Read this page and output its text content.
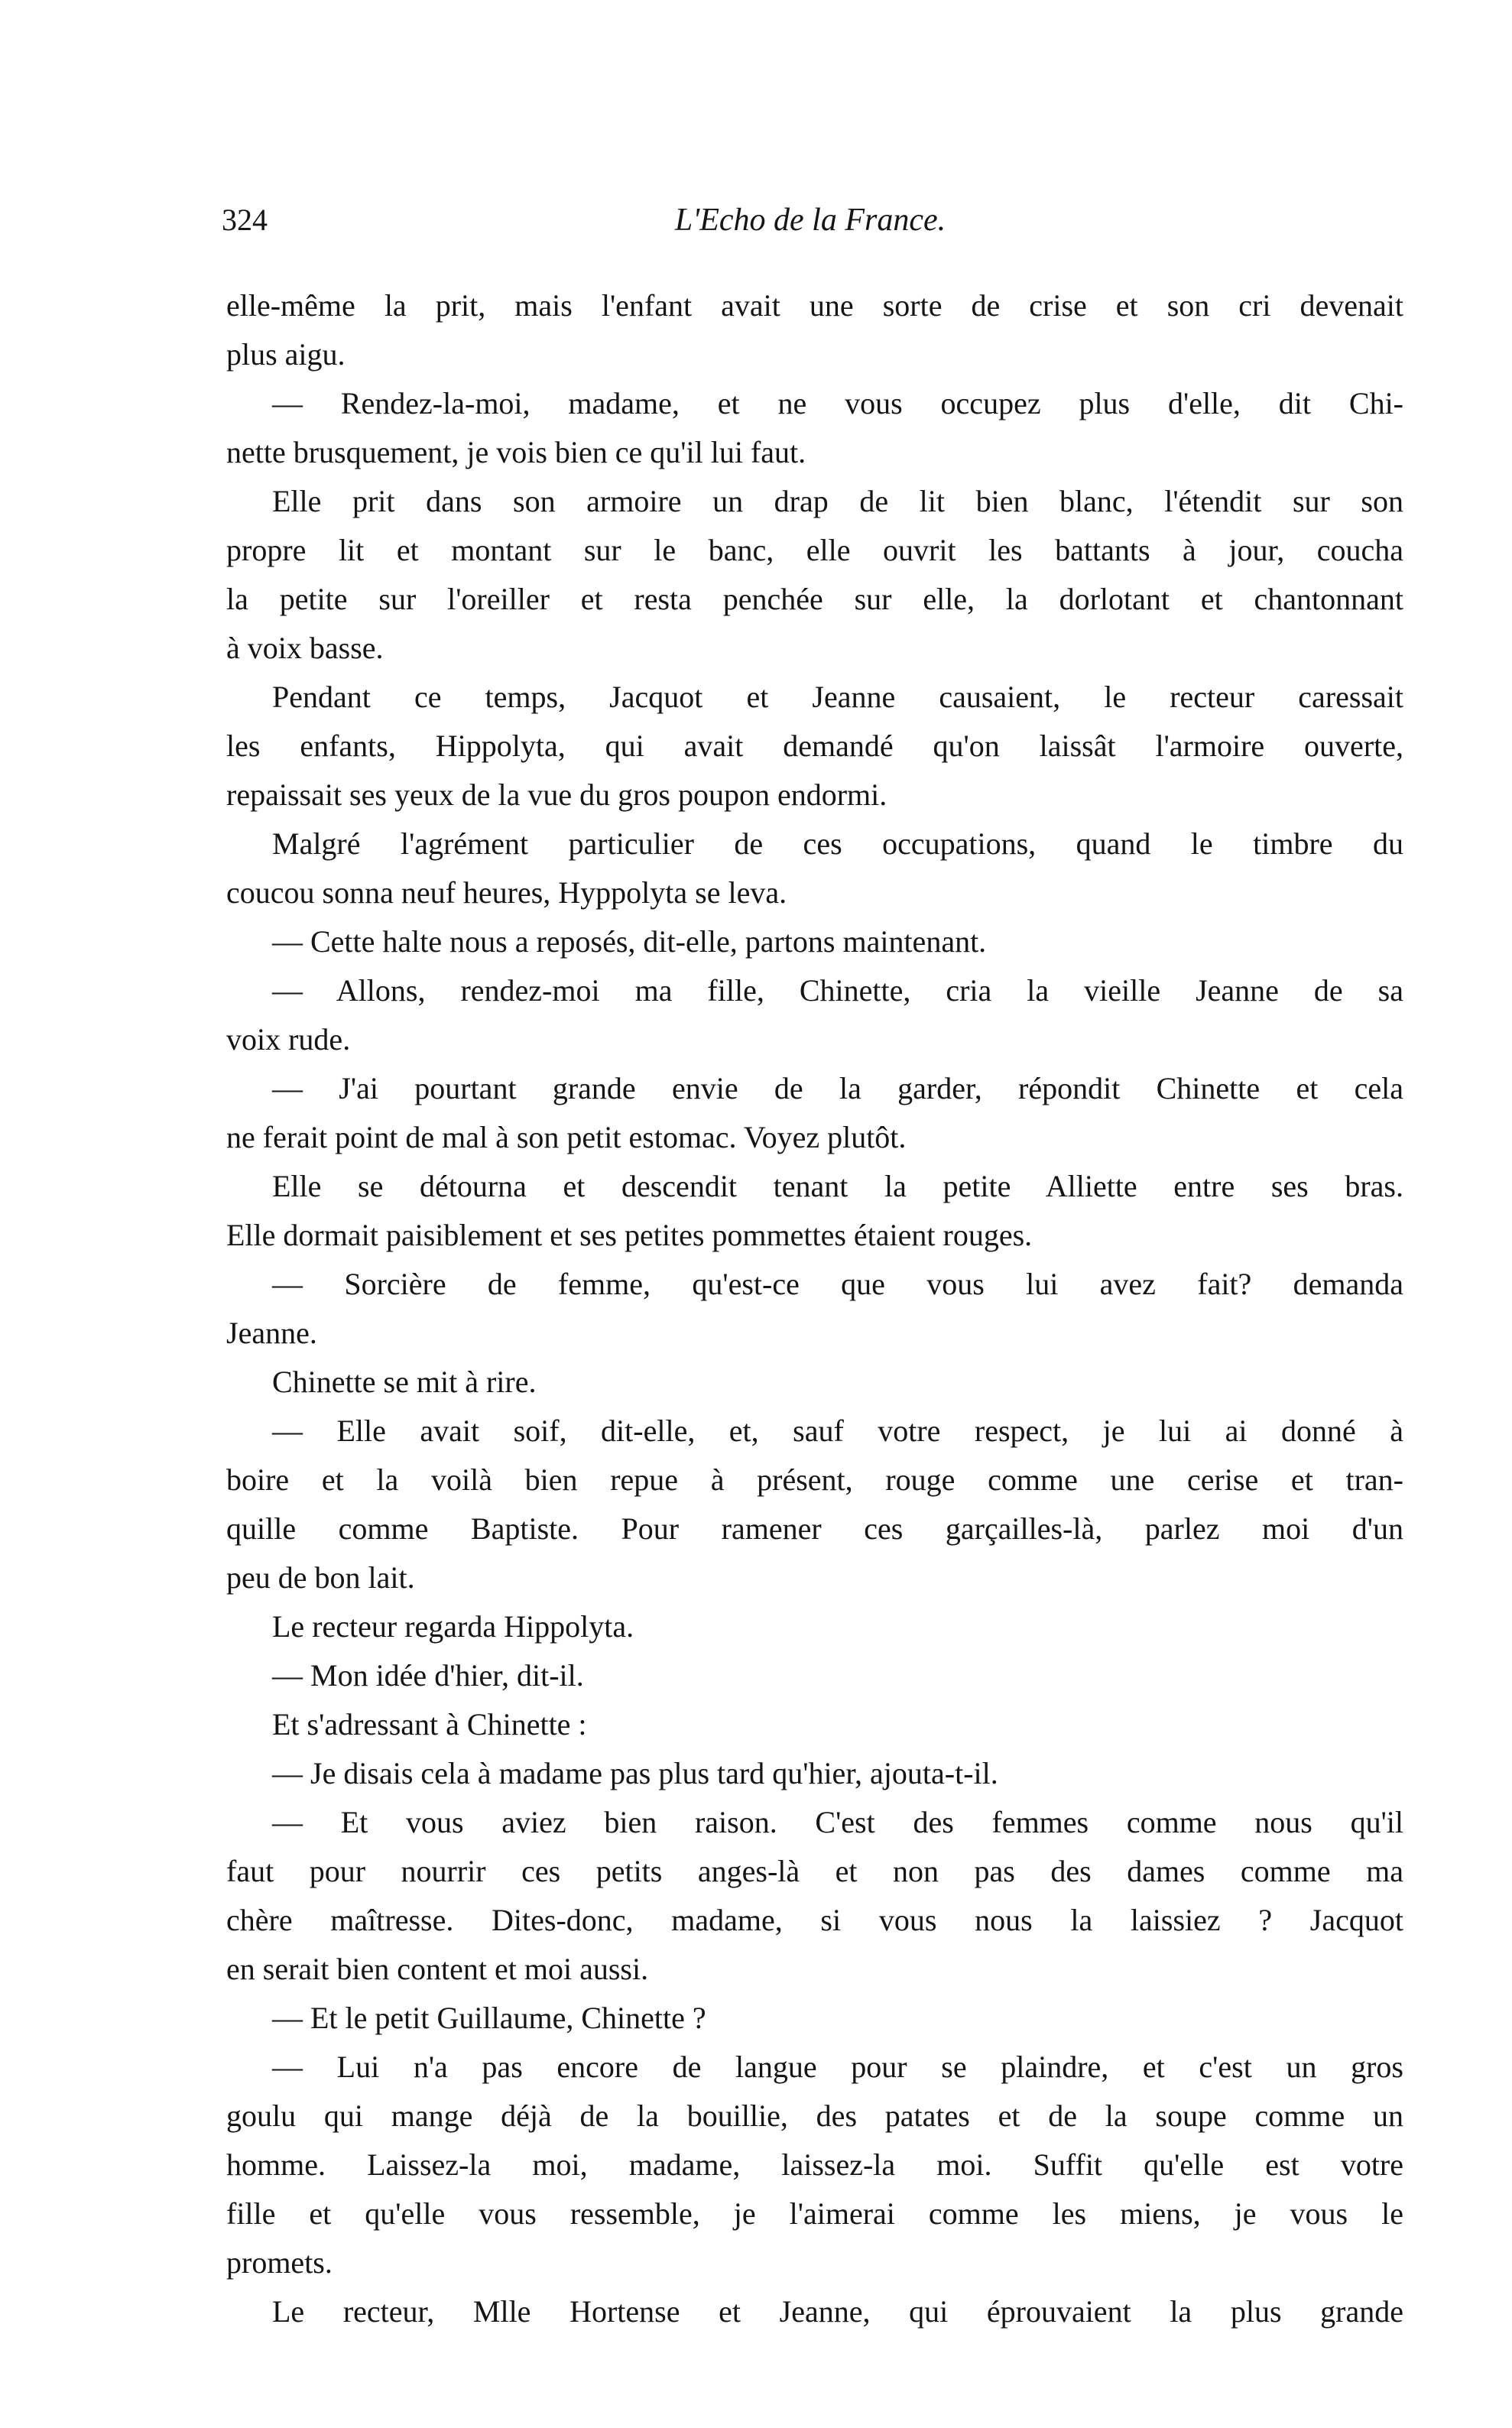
324	L'Echo de la France.
elle-même la prit, mais l'enfant avait une sorte de crise et son cri devenait
plus aigu.
— Rendez-la-moi, madame, et ne vous occupez plus d'elle, dit Chi-
nette brusquement, je vois bien ce qu'il lui faut.
Elle prit dans son armoire un drap de lit bien blanc, l'étendit sur son
propre lit et montant sur le banc, elle ouvrit les battants à jour, coucha
la petite sur l'oreiller et resta penchée sur elle, la dorlotant et chantonnant
à voix basse.
Pendant ce temps, Jacquot et Jeanne causaient, le recteur caressait
les enfants, Hippolyta, qui avait demandé qu'on laissât l'armoire ouverte,
repaissait ses yeux de la vue du gros poupon endormi.
Malgré l'agrément particulier de ces occupations, quand le timbre du
coucou sonna neuf heures, Hyppolyta se leva.
— Cette halte nous a reposés, dit-elle, partons maintenant.
— Allons, rendez-moi ma fille, Chinette, cria la vieille Jeanne de sa
voix rude.
— J'ai pourtant grande envie de la garder, répondit Chinette et cela
ne ferait point de mal à son petit estomac. Voyez plutôt.
Elle se détourna et descendit tenant la petite Alliette entre ses bras.
Elle dormait paisiblement et ses petites pommettes étaient rouges.
— Sorcière de femme, qu'est-ce que vous lui avez fait? demanda
Jeanne.
Chinette se mit à rire.
— Elle avait soif, dit-elle, et, sauf votre respect, je lui ai donné à
boire et la voilà bien repue à présent, rouge comme une cerise et tran-
quille comme Baptiste. Pour ramener ces garçailles-là, parlez moi d'un
peu de bon lait.
Le recteur regarda Hippolyta.
— Mon idée d'hier, dit-il.
Et s'adressant à Chinette :
— Je disais cela à madame pas plus tard qu'hier, ajouta-t-il.
— Et vous aviez bien raison. C'est des femmes comme nous qu'il
faut pour nourrir ces petits anges-là et non pas des dames comme ma
chère maîtresse. Dites-donc, madame, si vous nous la laissiez ? Jacquot
en serait bien content et moi aussi.
— Et le petit Guillaume, Chinette ?
— Lui n'a pas encore de langue pour se plaindre, et c'est un gros
goulu qui mange déjà de la bouillie, des patates et de la soupe comme un
homme. Laissez-la moi, madame, laissez-la moi. Suffit qu'elle est votre
fille et qu'elle vous ressemble, je l'aimerai comme les miens, je vous le
promets.
Le recteur, Mlle Hortense et Jeanne, qui éprouvaient la plus grande
